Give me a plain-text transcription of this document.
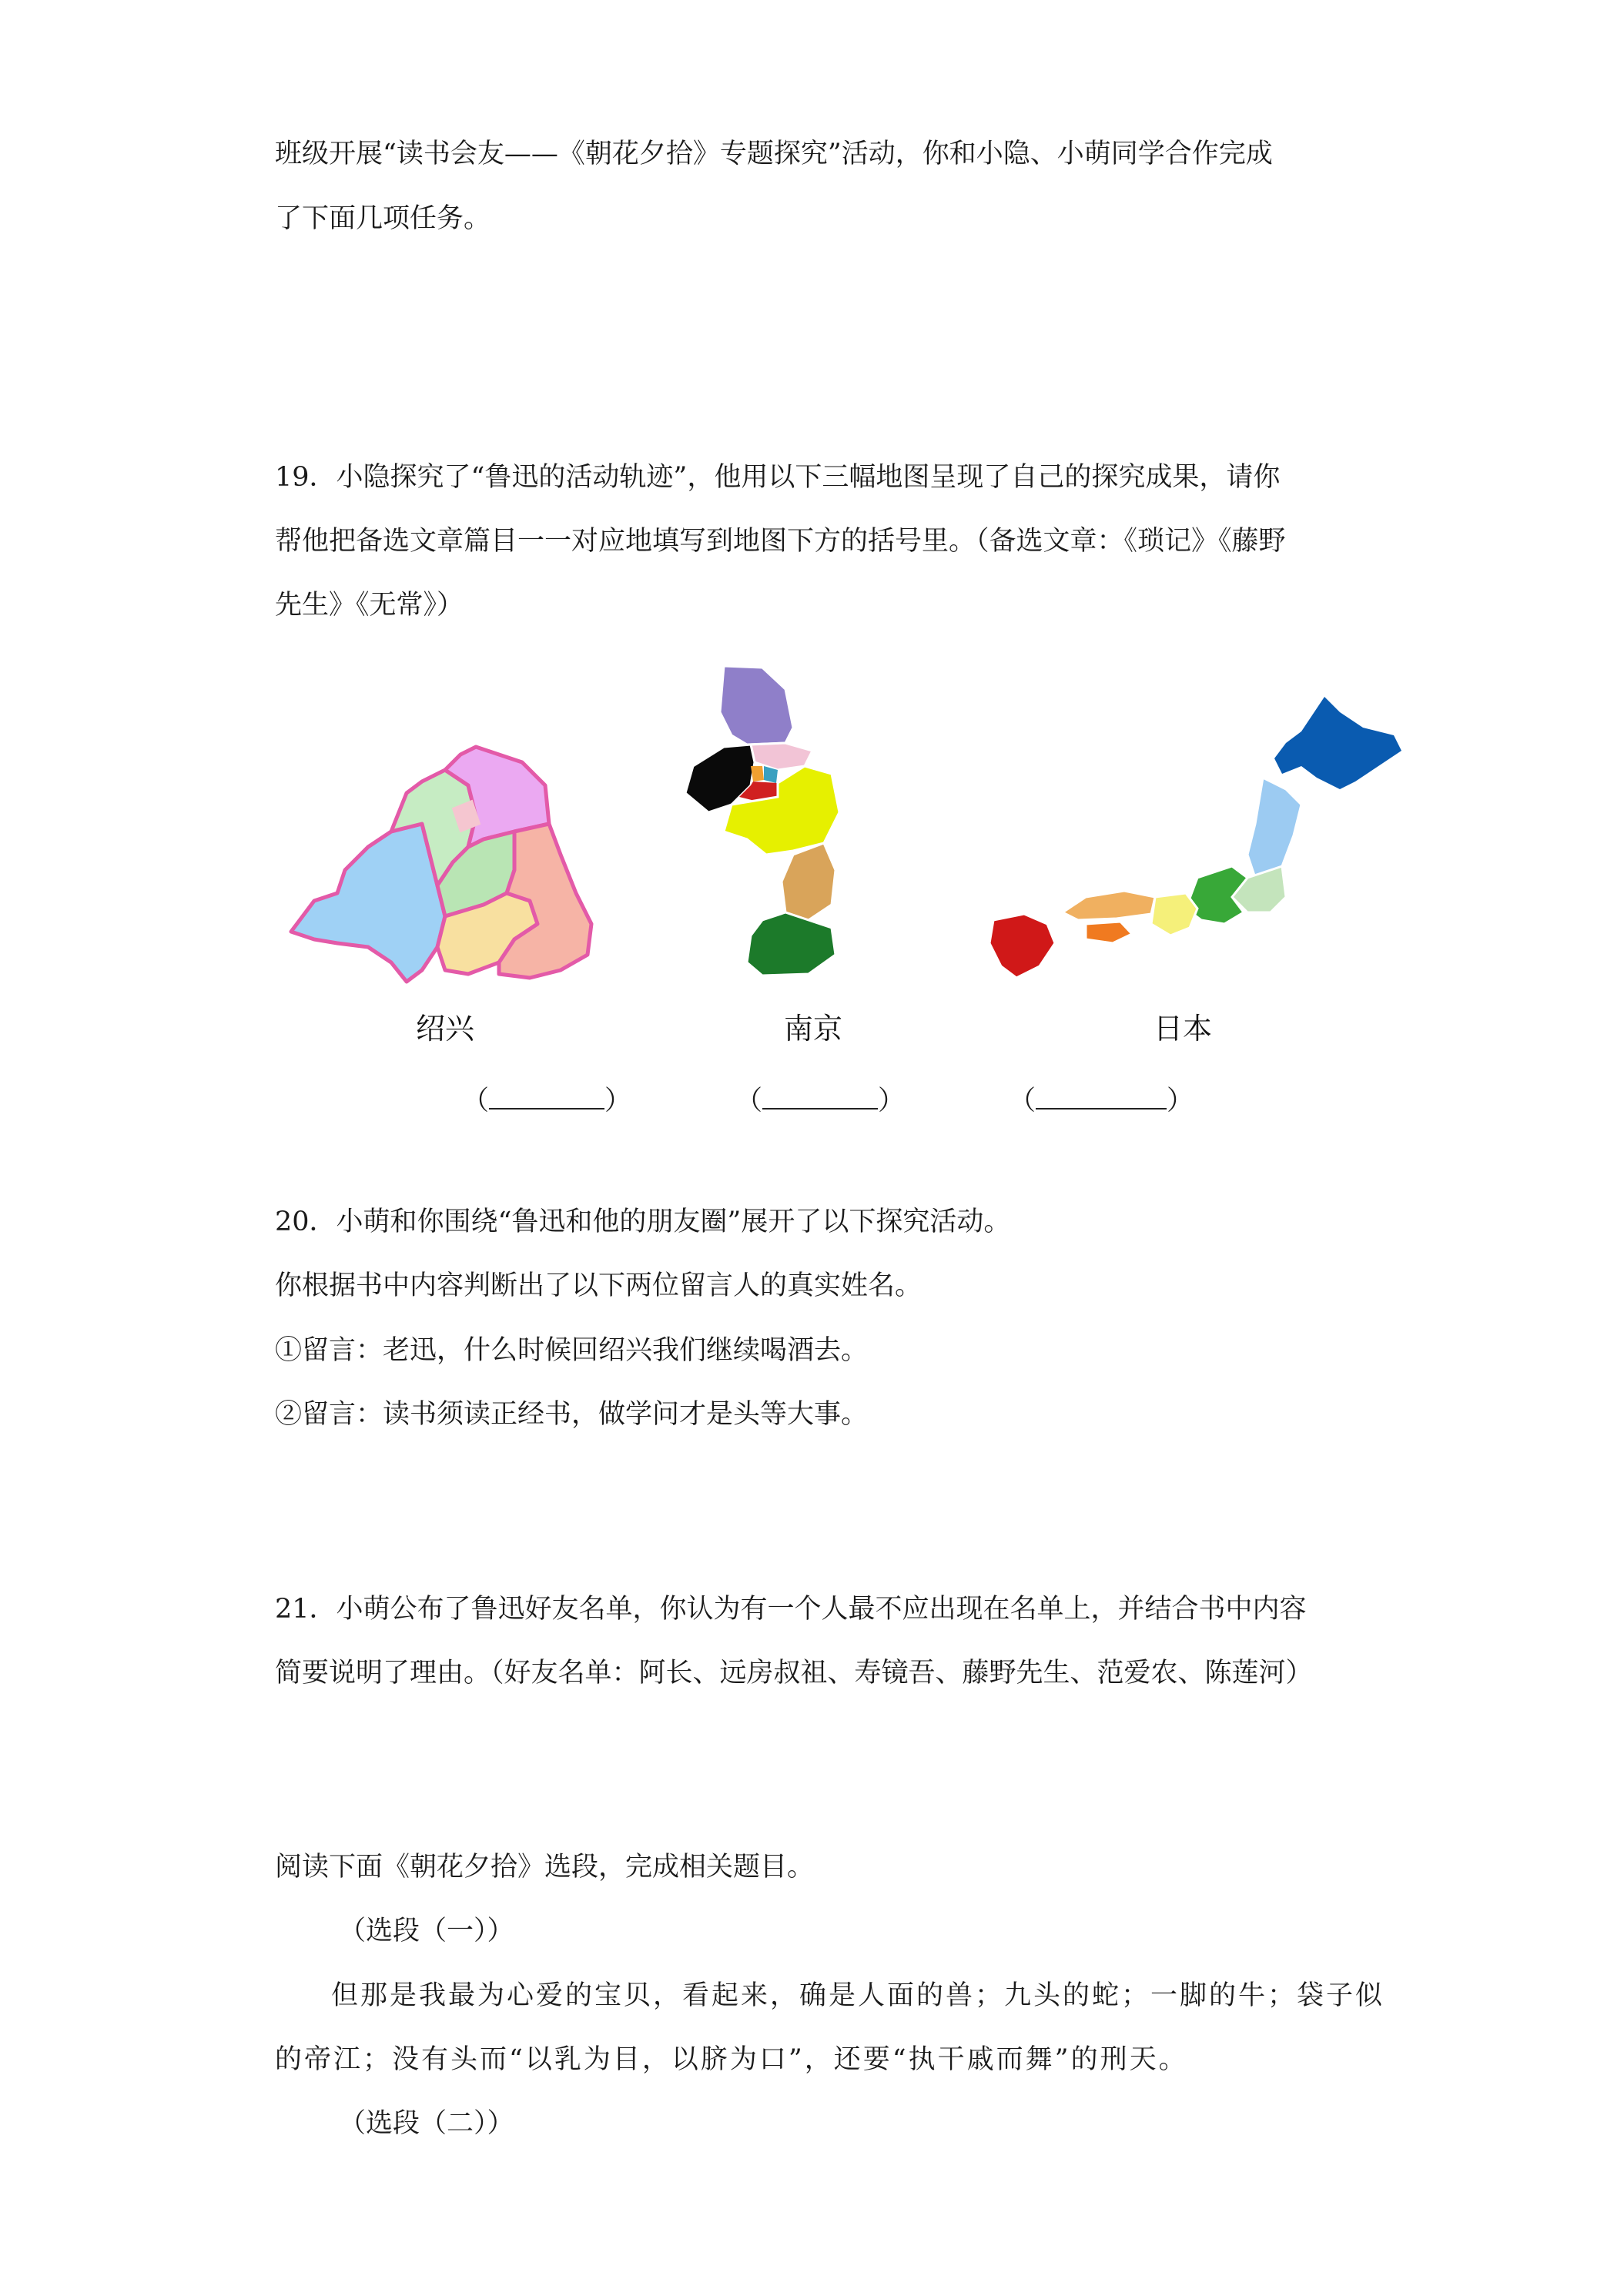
班级开展“读书会友——《朝花夕拾》专题探究”活动，你和小隐、小萌同学合作完成

了下面几项任务。

19．小隐探究了“鲁迅的活动轨迹”，他用以下三幅地图呈现了自己的探究成果，请你

帮他把备选文章篇目一一对应地填写到地图下方的括号里。（备选文章：《琐记》《藤野

先生》《无常》）

绍兴	南京	日本
（	）	（	）	（	）

20．小萌和你围绕“鲁迅和他的朋友圈”展开了以下探究活动。

你根据书中内容判断出了以下两位留言人的真实姓名。

①留言：老迅，什么时候回绍兴我们继续喝酒去。

②留言：读书须读正经书，做学问才是头等大事。

21．小萌公布了鲁迅好友名单，你认为有一个人最不应出现在名单上，并结合书中内容

简要说明了理由。（好友名单：阿长、远房叔祖、寿镜吾、藤野先生、范爱农、陈莲河）

阅读下面《朝花夕拾》选段，完成相关题目。

（选段（一））

但那是我最为心爱的宝贝，看起来，确是人面的兽；九头的蛇；一脚的牛；袋子似

的帝江；没有头而“以乳为目，以脐为口”，还要“执干戚而舞”的刑天。

（选段（二））
